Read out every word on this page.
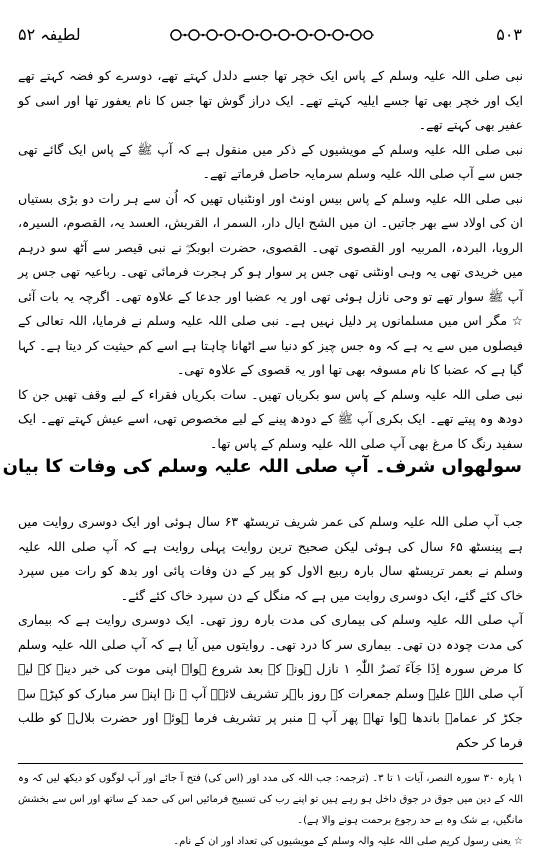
لطیفہ ۵۲	۵۰۳

نبی صلی اللہ علیہ وسلم کے پاس ایک خچر تھا جسے دلدل کہتے تھے، دوسرے کو فضہ کہتے تھے ایک اور خچر بھی تھا جسے ایلیہ کہتے تھے۔ ایک دراز گوش تھا جس کا نام یعفور تھا اور اسی کو عفیر بھی کہتے تھے۔

نبی صلی اللہ علیہ وسلم کے مویشیوں کے ذکر میں منقول ہے کہ آپ ﷺ کے پاس ایک گائے تھی جس سے آپ صلی اللہ علیہ وسلم سرمایہ حاصل فرماتے تھے۔

نبی صلی اللہ علیہ وسلم کے پاس بیس اونٹ اور اونٹنیاں تھیں کہ اُن سے ہر رات دو بڑی بستیاں ان کی اولاد سے بھر جاتیں۔ ان میں الشح ایال دار، السمر ا، القریش، العسد یہ، القصوم، السیرہ، الرویا، البردہ، المربیہ اور القصوی تھی۔ القصوی، حضرت ابوبکرؓ نے نبی قیصر سے آٹھ سو درہم میں خریدی تھی یہ وہی اونٹنی تھی جس پر سوار ہو کر ہجرت فرمائی تھی۔ رباعیہ تھی جس پر آپ ﷺ سوار تھے تو وحی نازل ہوئی تھی اور یہ عضبا اور جدعا کے علاوہ تھی۔ اگرچہ یہ بات آئی ☆ مگر اس میں مسلمانوں پر دلیل نہیں ہے۔ نبی صلی اللہ علیہ وسلم نے فرمایا، اللہ تعالی کے فیصلوں میں سے یہ ہے کہ وہ جس چیز کو دنیا سے اٹھانا چاہتا ہے اسے کم حیثیت کر دیتا ہے۔ کہا گیا ہے کہ عضبا کا نام مسوفہ بھی تھا اور یہ قصوی کے علاوہ تھی۔

نبی صلی اللہ علیہ وسلم کے پاس سو بکریاں تھیں۔ سات بکریاں فقراء کے لیے وقف تھیں جن کا دودھ وہ پیتے تھے۔ ایک بکری آپ ﷺ کے دودھ پینے کے لیے مخصوص تھی، اسے عیش کہتے تھے۔ ایک سفید رنگ کا مرغ بھی آپ صلی اللہ علیہ وسلم کے پاس تھا۔

سولھواں شرف۔ آپ صلی اللہ علیہ وسلم کی وفات کا بیان

جب آپ صلی اللہ علیہ وسلم کی عمر شریف تریسٹھ ۶۳ سال ہوئی اور ایک دوسری روایت میں ہے پینسٹھ ۶۵ سال کی ہوئی لیکن صحیح ترین روایت پہلی روایت ہے کہ آپ صلی اللہ علیہ وسلم نے بعمر تریسٹھ سال بارہ ربیع الاول کو پیر کے دن وفات پائی اور بدھ کو رات میں سپرد خاک کئے گئے، ایک دوسری روایت میں ہے کہ منگل کے دن سپرد خاک کئے گئے۔

آپ صلی اللہ علیہ وسلم کی بیماری کی مدت بارہ روز تھی۔ ایک دوسری روایت ہے کہ بیماری کی مدت چودہ دن تھی۔ بیماری سر کا درد تھی۔ روایتوں میں آیا ہے کہ آپ صلی اللہ علیہ وسلم کا مرض سورہ اِذَا جَآءَ نَصرُ اللّٰہِ ۱ نازل ہونے کے بعد شروع ہوا۔ اپنی موت کی خبر دینے کے لیے آپ صلی اللہ علیہ وسلم جمعرات کے روز باہر تشریف لائے۔ آپ ﷺ نے اپنے سر مبارک کو کپڑے سے جکڑ کر عمامہ باندھا ہوا تھا۔ پھر آپ ﷺ منبر پر تشریف فرما ہوئے اور حضرت بلالؓ کو طلب فرما کر حکم

۱ پارہ ۳۰ سورہ النصر، آیات ۱ تا ۳۔ (ترجمہ: جب اللہ کی مدد اور (اس کی) فتح آ جائے اور آپ لوگوں کو دیکھ لیں کہ وہ اللہ کے دین میں جوق در جوق داخل ہو رہے ہیں تو اپنے رب کی تسبیح فرمائیں اس کی حمد کے ساتھ اور اس سے بخشش مانگیں، بے شک وہ بے حد رجوع برحمت ہونے والا ہے)۔

☆ یعنی رسول کریم صلی اللہ علیہ والہ وسلم کے مویشیوں کی تعداد اور ان کے نام۔
